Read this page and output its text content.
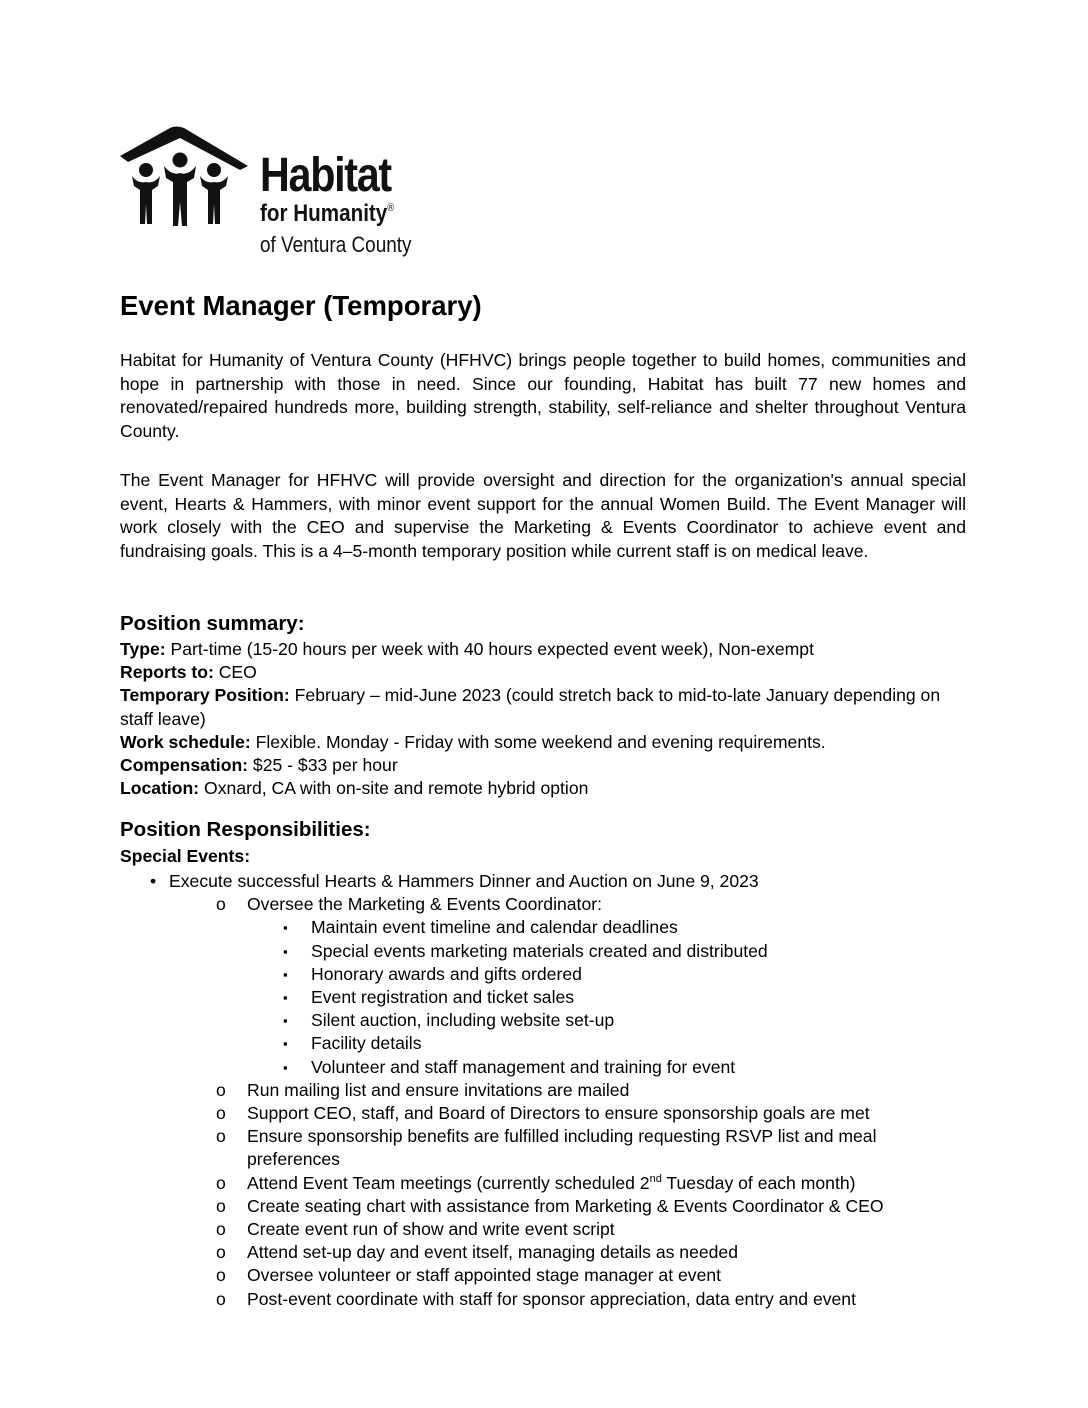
Habitat
for Humanity®
of Ventura County
Event Manager (Temporary)

Habitat for Humanity of Ventura County (HFHVC) brings people together to build homes, communities and hope in partnership with those in need. Since our founding, Habitat has built 77 new homes and renovated/repaired hundreds more, building strength, stability, self-reliance and shelter throughout Ventura County.

The Event Manager for HFHVC will provide oversight and direction for the organization's annual special event, Hearts & Hammers, with minor event support for the annual Women Build. The Event Manager will work closely with the CEO and supervise the Marketing & Events Coordinator to achieve event and fundraising goals. This is a 4–5-month temporary position while current staff is on medical leave.

Position summary:

Type: Part-time (15-20 hours per week with 40 hours expected event week), Non-exempt

Reports to: CEO

Temporary Position: February – mid-June 2023 (could stretch back to mid-to-late January depending on staff leave)

Work schedule: Flexible. Monday - Friday with some weekend and evening requirements.

Compensation: $25 - $33 per hour

Location: Oxnard, CA with on-site and remote hybrid option

Position Responsibilities:

Special Events:

• Execute successful Hearts & Hammers Dinner and Auction on June 9, 2023
o Oversee the Marketing & Events Coordinator:
▪ Maintain event timeline and calendar deadlines
▪ Special events marketing materials created and distributed
▪ Honorary awards and gifts ordered
▪ Event registration and ticket sales
▪ Silent auction, including website set-up
▪ Facility details
▪ Volunteer and staff management and training for event
o Run mailing list and ensure invitations are mailed
o Support CEO, staff, and Board of Directors to ensure sponsorship goals are met
o Ensure sponsorship benefits are fulfilled including requesting RSVP list and meal preferences
o Attend Event Team meetings (currently scheduled 2nd Tuesday of each month)
o Create seating chart with assistance from Marketing & Events Coordinator & CEO
o Create event run of show and write event script
o Attend set-up day and event itself, managing details as needed
o Oversee volunteer or staff appointed stage manager at event
o Post-event coordinate with staff for sponsor appreciation, data entry and event
